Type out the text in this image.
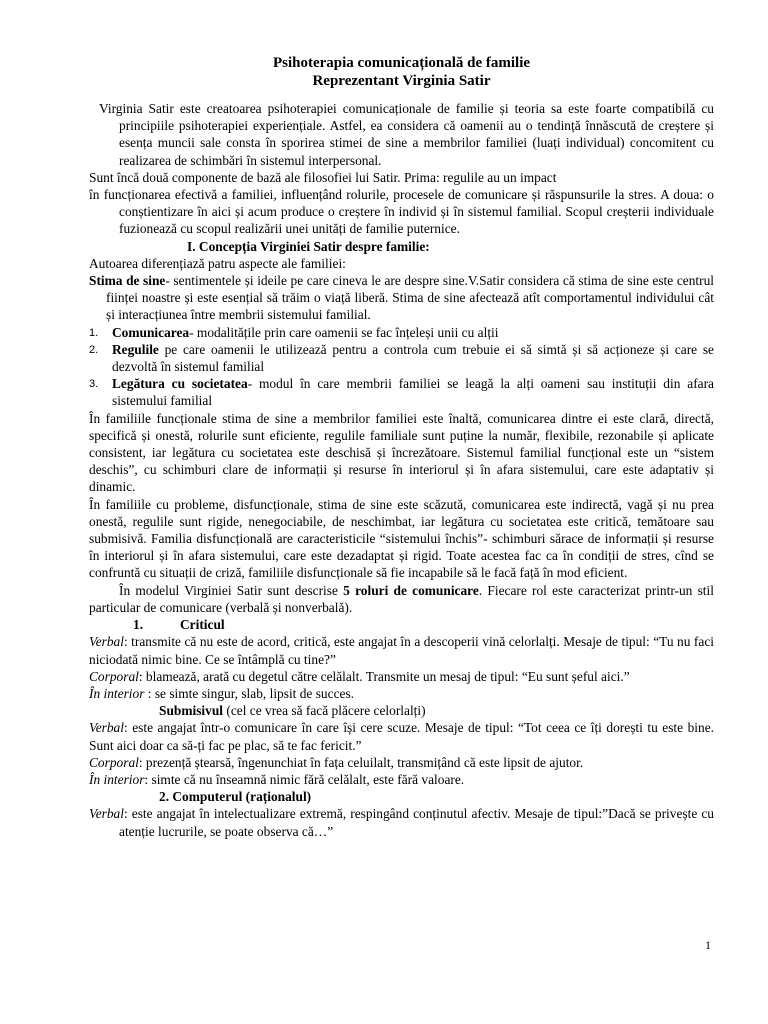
Psihoterapia comunicațională de familie

Reprezentant Virginia Satir

Virginia Satir este creatoarea psihoterapiei comunicaționale de familie și teoria sa este foarte compatibilă cu principiile psihoterapiei experiențiale. Astfel, ea considera că oamenii au o tendință înnăscută de creștere și esența muncii sale consta în sporirea stimei de sine a membrilor familiei (luați individual) concomitent cu realizarea de schimbări în sistemul interpersonal.

Sunt încă două componente de bază ale filosofiei lui Satir. Prima: regulile au un impact

în funcționarea efectivă a familiei, influențând rolurile, procesele de comunicare și răspunsurile la stres. A doua: o conștientizare în aici și acum produce o creștere în individ și în sistemul familial. Scopul creșterii individuale fuzionează cu scopul realizării unei unități de familie puternice.

I. Concepția Virginiei Satir despre familie:

Autoarea diferențiază patru aspecte ale familiei:

Stima de sine- sentimentele și ideile pe care cineva le are despre sine.V.Satir considera că stima de sine este centrul ființei noastre și este esențial să trăim o viață liberă. Stima de sine afectează atît comportamentul individului cât și interacțiunea între membrii sistemului familial.

1. Comunicarea- modalitățile prin care oamenii se fac înțeleși unii cu alții

2. Regulile pe care oamenii le utilizează pentru a controla cum trebuie ei să simtă și să acționeze și care se dezvoltă în sistemul familial

3. Legătura cu societatea- modul în care membrii familiei se leagă la alți oameni sau instituții din afara sistemului familial

În familiile funcționale stima de sine a membrilor familiei este înaltă, comunicarea dintre ei este clară, directă, specifică și onestă, rolurile sunt eficiente, regulile familiale sunt puține la număr, flexibile, rezonabile și aplicate consistent, iar legătura cu societatea este deschisă și încrezătoare. Sistemul familial funcțional este un “sistem deschis”, cu schimburi clare de informații și resurse în interiorul și în afara sistemului, care este adaptativ și dinamic.

În familiile cu probleme, disfuncționale, stima de sine este scăzută, comunicarea este indirectă, vagă și nu prea onestă, regulile sunt rigide, nenegociabile, de neschimbat, iar legătura cu societatea este critică, temătoare sau submisivă. Familia disfuncțională are caracteristicile “sistemului închis”- schimburi sărace de informații și resurse în interiorul și în afara sistemului, care este dezadaptat și rigid. Toate acestea fac ca în condiții de stres, cînd se confruntă cu situații de criză, familiile disfuncționale să fie incapabile să le facă față în mod eficient.

În modelul Virginiei Satir sunt descrise 5 roluri de comunicare. Fiecare rol este caracterizat printr-un stil particular de comunicare (verbală și nonverbală).

1.	Criticul

Verbal: transmite că nu este de acord, critică, este angajat în a descoperii vină celorlalți. Mesaje de tipul: “Tu nu faci niciodată nimic bine. Ce se întâmplă cu tine?”

Corporal: blamează, arată cu degetul către celălalt. Transmite un mesaj de tipul: “Eu sunt șeful aici.”

În interior : se simte singur, slab, lipsit de succes.

Submisivul (cel ce vrea să facă plăcere celorlalți)

Verbal: este angajat într-o comunicare în care își cere scuze. Mesaje de tipul: “Tot ceea ce îți dorești tu este bine. Sunt aici doar ca să-ți fac pe plac, să te fac fericit.”

Corporal: prezență ștearsă, îngenunchiat în fața celuilalt, transmițând că este lipsit de ajutor.

În interior: simte că nu înseamnă nimic fără celălalt, este fără valoare.

2. Computerul (raționalul)

Verbal: este angajat în intelectualizare extremă, respingând conținutul afectiv. Mesaje de tipul:”Dacă se privește cu atenție lucrurile, se poate observa că…”

1
